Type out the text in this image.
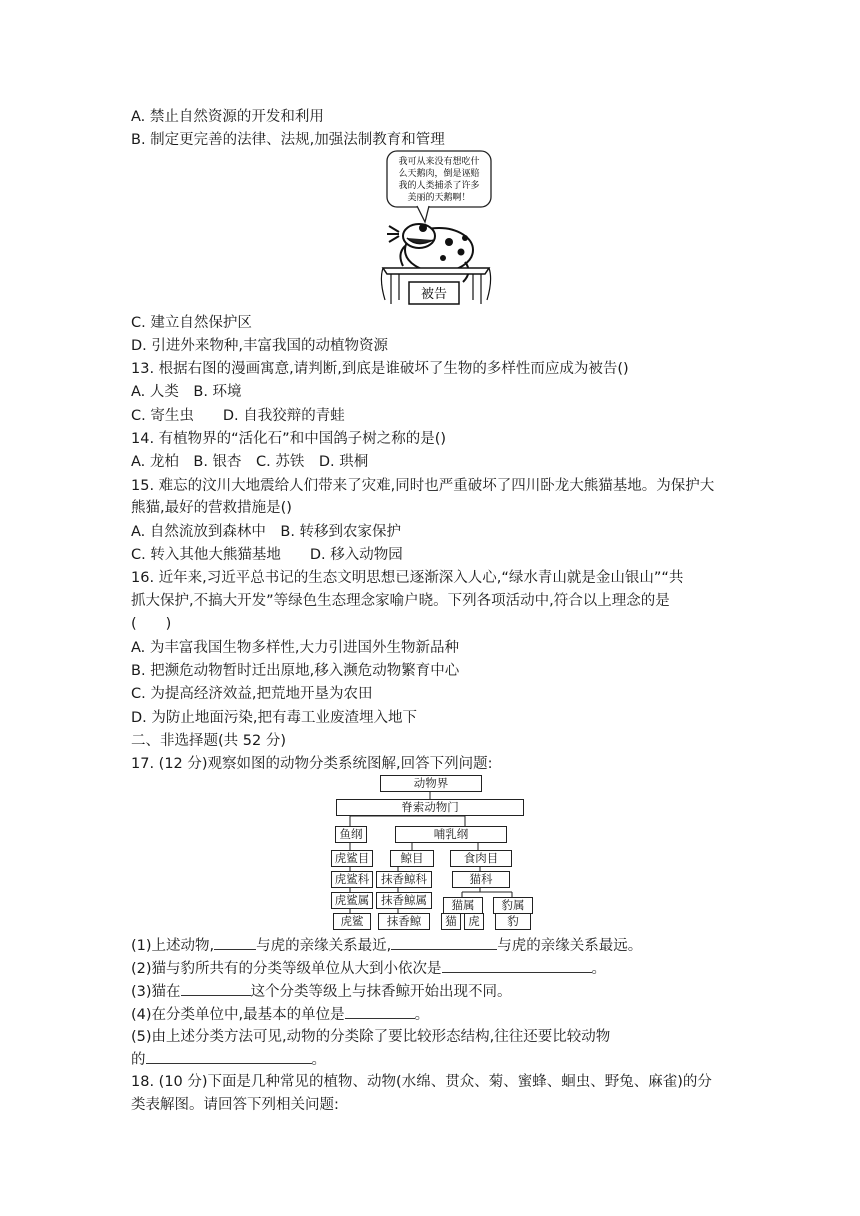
A. 禁止自然资源的开发和利用
B. 制定更完善的法律、法规,加强法制教育和管理
我可从来没有想吃什
么天鹅肉，倒是诬赔
我的人类捕杀了许多
美丽的天鹅啊！
被告
C. 建立自然保护区
D. 引进外来物种,丰富我国的动植物资源
13. 根据右图的漫画寓意,请判断,到底是谁破坏了生物的多样性而应成为被告()
A. 人类　B. 环境
C. 寄生虫　　D. 自我狡辩的青蛙
14. 有植物界的“活化石”和中国鸽子树之称的是()
A. 龙柏　B. 银杏　C. 苏铁　D. 珙桐
15. 难忘的汶川大地震给人们带来了灾难,同时也严重破坏了四川卧龙大熊猫基地。为保护大
熊猫,最好的营救措施是()
A. 自然流放到森林中　B. 转移到农家保护
C. 转入其他大熊猫基地　　D. 移入动物园
16. 近年来,习近平总书记的生态文明思想已逐渐深入人心,“绿水青山就是金山银山”“共
抓大保护,不搞大开发”等绿色生态理念家喻户晓。下列各项活动中,符合以上理念的是
(　　)
A. 为丰富我国生物多样性,大力引进国外生物新品种
B. 把濒危动物暂时迁出原地,移入濒危动物繁育中心
C. 为提高经济效益,把荒地开垦为农田
D. 为防止地面污染,把有毒工业废渣埋入地下
二、非选择题(共 52 分)
17. (12 分)观察如图的动物分类系统图解,回答下列问题:
动物界
脊索动物门
鱼纲	哺乳纲
虎鲨目	鲸目	食肉目
虎鲨科	抹香鲸科	猫科
虎鲨属	抹香鲸属	猫属	豹属
虎鲨	抹香鲸	猫	虎	豹
(1)上述动物,	与虎的亲缘关系最近,	与虎的亲缘关系最远。
(2)猫与豹所共有的分类等级单位从大到小依次是	。
(3)猫在	这个分类等级上与抹香鲸开始出现不同。
(4)在分类单位中,最基本的单位是	。
(5)由上述分类方法可见,动物的分类除了要比较形态结构,往往还要比较动物
的	。
18. (10 分)下面是几种常见的植物、动物(水绵、贯众、菊、蜜蜂、蛔虫、野兔、麻雀)的分
类表解图。请回答下列相关问题:
